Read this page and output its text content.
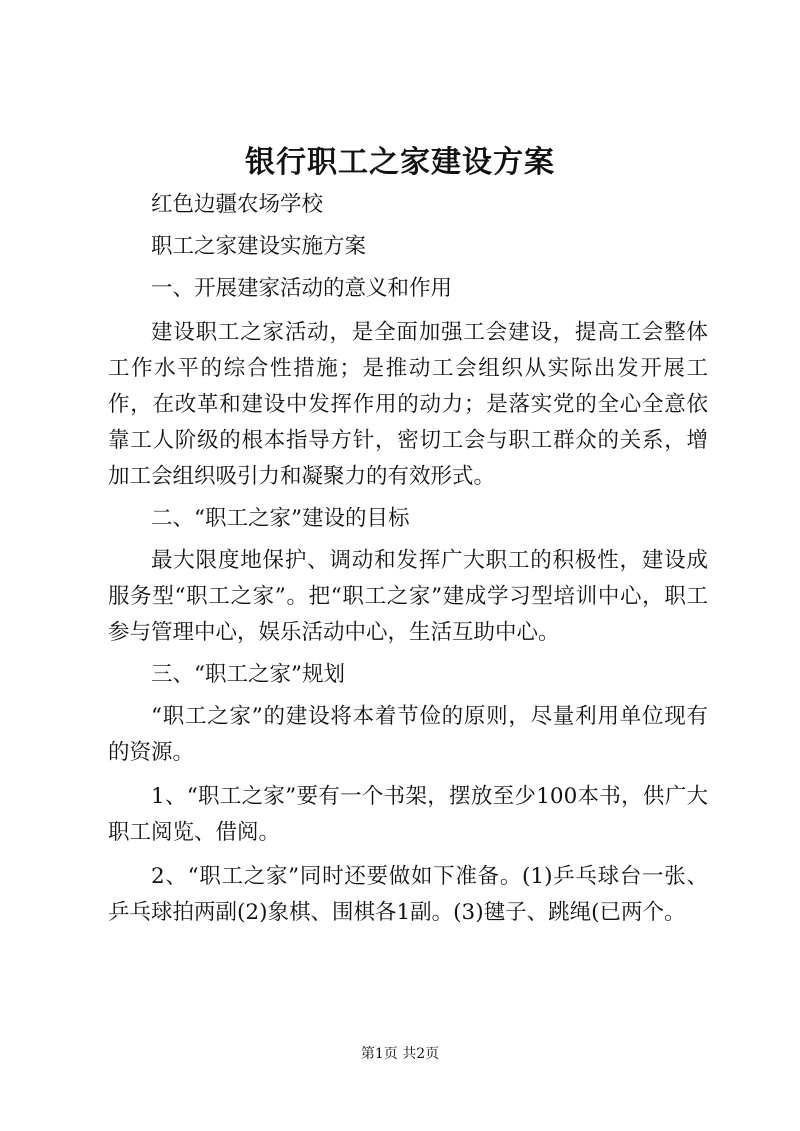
银行职工之家建设方案

红色边疆农场学校

职工之家建设实施方案

一、开展建家活动的意义和作用

建设职工之家活动，是全面加强工会建设，提高工会整体工作水平的综合性措施；是推动工会组织从实际出发开展工作，在改革和建设中发挥作用的动力；是落实党的全心全意依靠工人阶级的根本指导方针，密切工会与职工群众的关系，增加工会组织吸引力和凝聚力的有效形式。

二、“职工之家”建设的目标

最大限度地保护、调动和发挥广大职工的积极性，建设成服务型“职工之家”。把“职工之家”建成学习型培训中心，职工参与管理中心，娱乐活动中心，生活互助中心。

三、“职工之家”规划

“职工之家”的建设将本着节俭的原则，尽量利用单位现有的资源。

1、“职工之家”要有一个书架，摆放至少100本书，供广大职工阅览、借阅。

2、“职工之家”同时还要做如下准备。(1)乒乓球台一张、乒乓球拍两副(2)象棋、围棋各1副。(3)毽子、跳绳(已两个。

第1页 共2页
